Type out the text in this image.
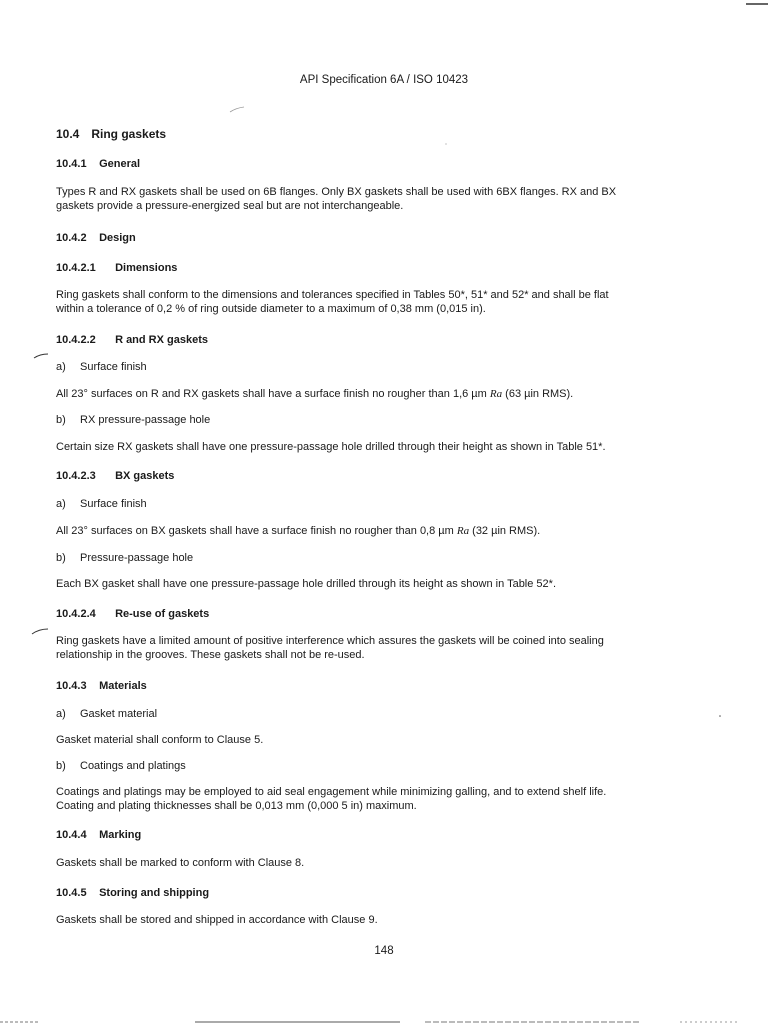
API Specification 6A / ISO 10423
10.4 Ring gaskets
10.4.1 General
Types R and RX gaskets shall be used on 6B flanges. Only BX gaskets shall be used with 6BX flanges. RX and BX
gaskets provide a pressure-energized seal but are not interchangeable.
10.4.2 Design
10.4.2.1 Dimensions
Ring gaskets shall conform to the dimensions and tolerances specified in Tables 50*, 51* and 52* and shall be flat
within a tolerance of 0,2 % of ring outside diameter to a maximum of 0,38 mm (0,015 in).
10.4.2.2 R and RX gaskets
a) Surface finish
All 23° surfaces on R and RX gaskets shall have a surface finish no rougher than 1,6 µm Ra (63 µin RMS).
b) RX pressure-passage hole
Certain size RX gaskets shall have one pressure-passage hole drilled through their height as shown in Table 51*.
10.4.2.3 BX gaskets
a) Surface finish
All 23° surfaces on BX gaskets shall have a surface finish no rougher than 0,8 µm Ra (32 µin RMS).
b) Pressure-passage hole
Each BX gasket shall have one pressure-passage hole drilled through its height as shown in Table 52*.
10.4.2.4 Re-use of gaskets
Ring gaskets have a limited amount of positive interference which assures the gaskets will be coined into sealing
relationship in the grooves. These gaskets shall not be re-used.
10.4.3 Materials
a) Gasket material
Gasket material shall conform to Clause 5.
b) Coatings and platings
Coatings and platings may be employed to aid seal engagement while minimizing galling, and to extend shelf life.
Coating and plating thicknesses shall be 0,013 mm (0,000 5 in) maximum.
10.4.4 Marking
Gaskets shall be marked to conform with Clause 8.
10.4.5 Storing and shipping
Gaskets shall be stored and shipped in accordance with Clause 9.
148
